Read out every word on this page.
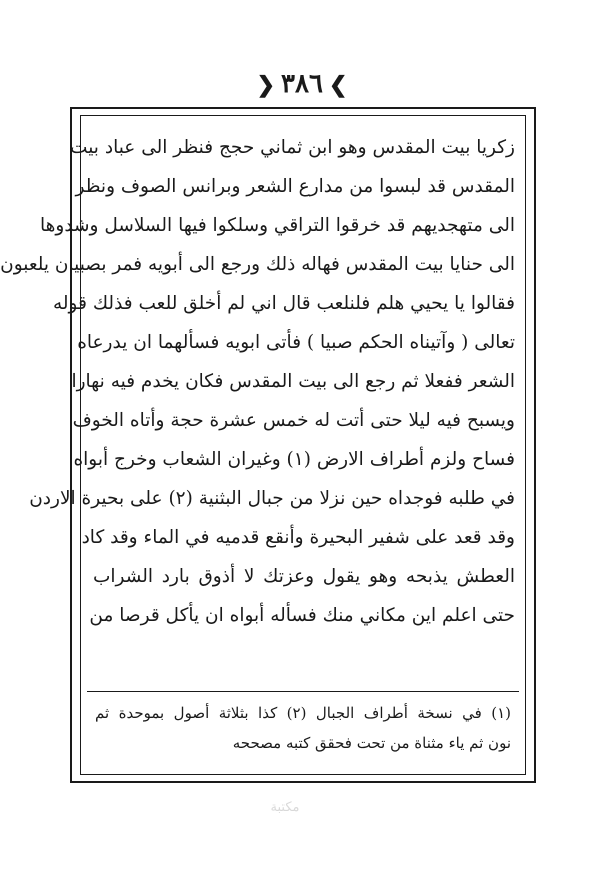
❯ ٣٨٦ ❮
زكريا بيت المقدس وهو ابن ثماني حجج فنظر الى عباد بيت
المقدس قد لبسوا من مدارع الشعر وبرانس الصوف ونظر
الى متهجديهم قد خرقوا التراقي وسلكوا فيها السلاسل وشدوها
الى حنايا بيت المقدس فهاله ذلك ورجع الى أبويه فمر بصبيان يلعبون
فقالوا يا يحيي هلم فلنلعب قال اني لم أخلق للعب فذلك قوله
تعالى ( وآتيناه الحكم صبيا ) فأتى ابويه فسألهما ان يدرعاه
الشعر ففعلا ثم رجع الى بيت المقدس فكان يخدم فيه نهارا
ويسبح فيه ليلا حتى أتت له خمس عشرة حجة وأتاه الخوف
فساح ولزم أطراف الارض (١) وغيران الشعاب وخرج أبواه
في طلبه فوجداه حين نزلا من جبال البثنية (٢) على بحيرة الاردن
وقد قعد على شفير البحيرة وأنقع قدميه في الماء وقد كاد
العطش يذبحه وهو يقول وعزتك لا أذوق بارد الشراب
حتى اعلم اين مكاني منك فسأله أبواه ان يأكل قرصا من
(١) في نسخة أطراف الجبال (٢) كذا بثلاثة أصول بموحدة ثم
نون ثم ياء مثناة من تحت فحقق كتبه مصححه
مكتبة
